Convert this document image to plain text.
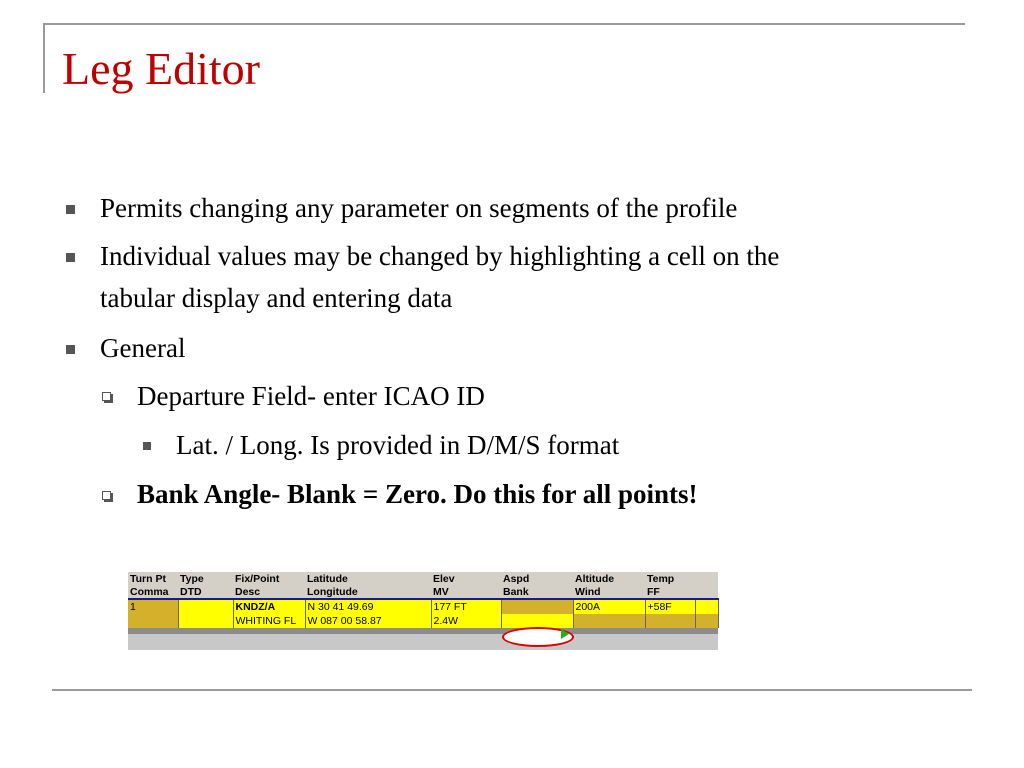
Leg Editor
Permits changing any parameter on segments of the profile
Individual values may be changed by highlighting a cell on the
tabular display and entering data
General
Departure Field- enter ICAO ID
Lat. / Long. Is provided in D/M/S format
Bank Angle- Blank = Zero. Do this for all points!
Turn Pt	Type	Fix/Point	Latitude	Elev	Aspd	Altitude	Temp	
Comma	DTD	Desc	Longitude	MV	Bank	Wind	FF	
1		KNDZ/A	N 30 41 49.69	177 FT		200A	+58F	
		WHITING FL	W 087 00 58.87	2.4W				
